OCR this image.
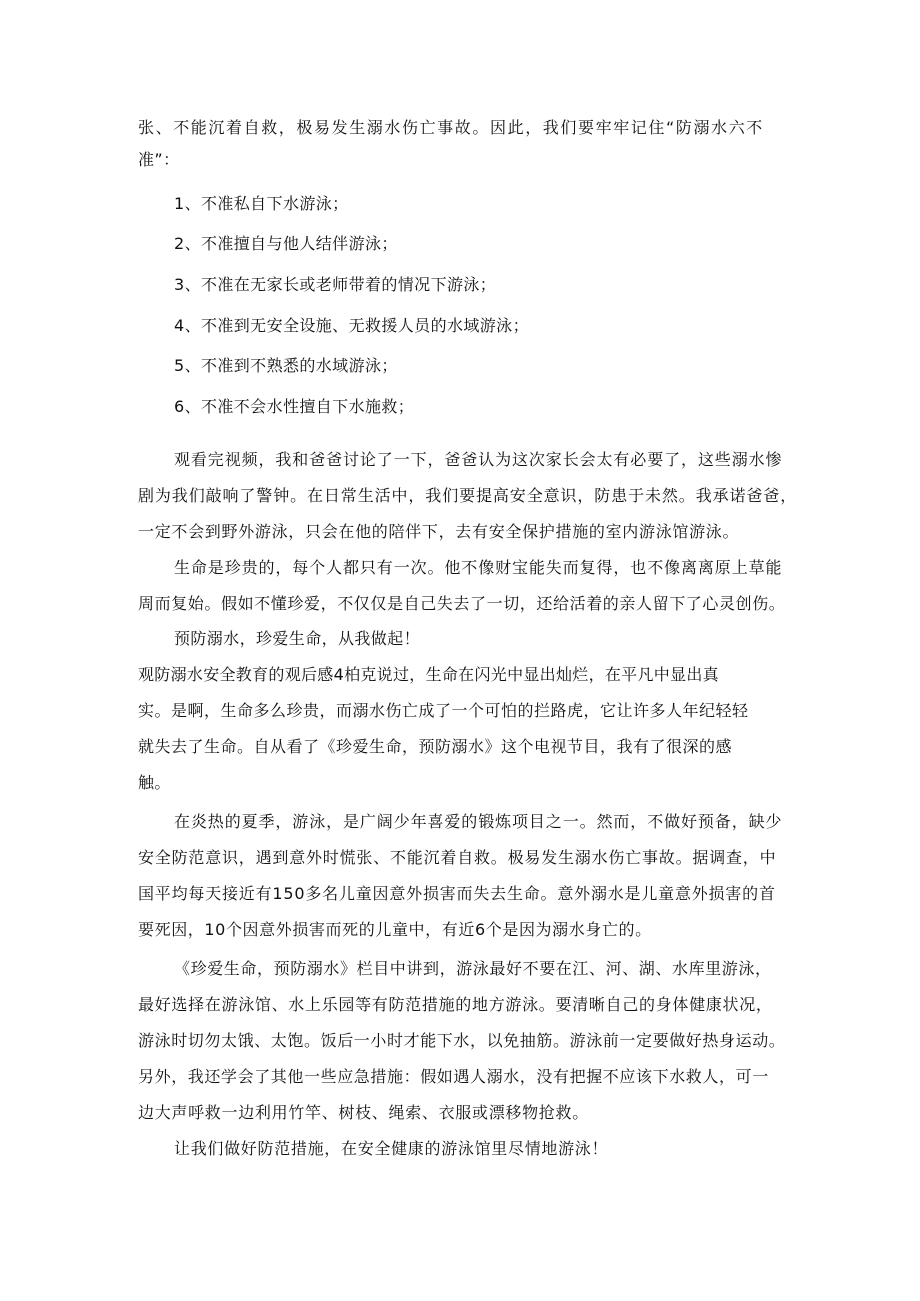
张、不能沉着自救，极易发生溺水伤亡事故。因此，我们要牢牢记住“防溺水六不
准”：
1、不准私自下水游泳；
2、不准擅自与他人结伴游泳；
3、不准在无家长或老师带着的情况下游泳；
4、不准到无安全设施、无救援人员的水域游泳；
5、不准到不熟悉的水域游泳；
6、不准不会水性擅自下水施救；
观看完视频，我和爸爸讨论了一下，爸爸认为这次家长会太有必要了，这些溺水惨
剧为我们敲响了警钟。在日常生活中，我们要提高安全意识，防患于未然。我承诺爸爸，
一定不会到野外游泳，只会在他的陪伴下，去有安全保护措施的室内游泳馆游泳。
生命是珍贵的，每个人都只有一次。他不像财宝能失而复得，也不像离离原上草能
周而复始。假如不懂珍爱，不仅仅是自己失去了一切，还给活着的亲人留下了心灵创伤。
预防溺水，珍爱生命，从我做起！
观防溺水安全教育的观后感4柏克说过，生命在闪光中显出灿烂，在平凡中显出真
实。是啊，生命多么珍贵，而溺水伤亡成了一个可怕的拦路虎，它让许多人年纪轻轻
就失去了生命。自从看了《珍爱生命，预防溺水》这个电视节目，我有了很深的感
触。
在炎热的夏季，游泳，是广阔少年喜爱的锻炼项目之一。然而，不做好预备，缺少
安全防范意识，遇到意外时慌张、不能沉着自救。极易发生溺水伤亡事故。据调查，中
国平均每天接近有150多名儿童因意外损害而失去生命。意外溺水是儿童意外损害的首
要死因，10个因意外损害而死的儿童中，有近6个是因为溺水身亡的。
《珍爱生命，预防溺水》栏目中讲到，游泳最好不要在江、河、湖、水库里游泳，
最好选择在游泳馆、水上乐园等有防范措施的地方游泳。要清晰自己的身体健康状况，
游泳时切勿太饿、太饱。饭后一小时才能下水，以免抽筋。游泳前一定要做好热身运动。
另外，我还学会了其他一些应急措施：假如遇人溺水，没有把握不应该下水救人，可一
边大声呼救一边利用竹竿、树枝、绳索、衣服或漂移物抢救。
让我们做好防范措施，在安全健康的游泳馆里尽情地游泳！
